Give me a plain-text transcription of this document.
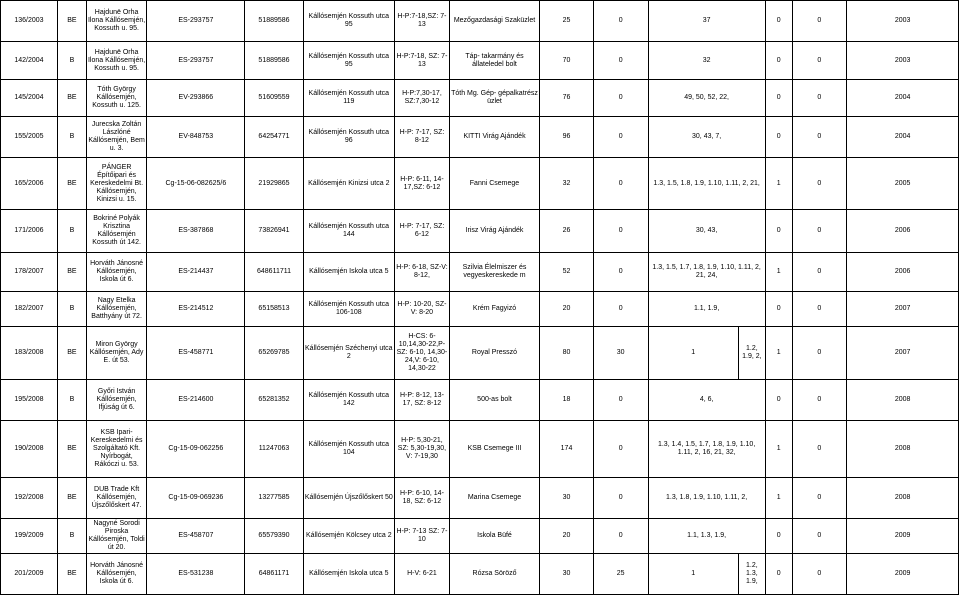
136/2003	BE	Hajdunë Orha Ilona Kállósemjén, Kossuth u. 95.	ES-293757	51889586	Kállósemjén Kossuth utca 95	H-P:7-18,SZ: 7-13	Mezőgazdasági Szaküzlet	25	0	37		0	0	2003
142/2004	B	Hajdunë Orha Ilona Kállósemjén, Kossuth u. 95.	ES-293757	51889586	Kállósemjén Kossuth utca 95	H-P:7-18, SZ: 7-13	Táp- takarmány és állateledel bolt	70	0	32		0	0	2003
145/2004	BE	Tóth György Kállósemjén, Kossuth u. 125.	EV-293866	51609559	Kállósemjén Kossuth utca 119	H-P:7,30-17, SZ:7,30-12	Tóth Mg. Gép- gépalkatrész üzlet	76	0	49, 50, 52, 22,		0	0	2004
155/2005	B	Jurecska Zoltán Lászlóné Kállósemjén, Bem u. 3.	EV-848753	64254771	Kállósemjén Kossuth utca 96	H-P: 7-17, SZ: 8-12	KITTI Virág Ajándék	96	0	30, 43, 7,		0	0	2004
165/2006	BE	PÁNGER Építőipari és Kereskedelmi Bt. Kállósemjén, Kinizsi u. 15.	Cg-15-06-082625/6	21929865	Kállósemjén Kinizsi utca 2	H-P: 6-11, 14-17,SZ: 6-12	Fanni Csemege	32	0	1.3, 1.5, 1.8, 1.9, 1.10, 1.11, 2, 21,		1	0	2005
171/2006	B	Bokriné Polyák Krisztina Kállósemjén Kossuth út 142.	ES-387868	73826941	Kállósemjén Kossuth utca 144	H-P: 7-17, SZ: 6-12	Irisz Virág Ajándék	26	0	30, 43,		0	0	2006
178/2007	BE	Horváth Jánosné Kállósemjén, Iskola út 6.	ES-214437	648611711	Kállósemjén Iskola utca 5	H-P: 6-18, SZ-V: 8-12,	Szilvia Élelmiszer és vegyeskereskede m	52	0	1.3, 1.5, 1.7, 1.8, 1.9, 1.10, 1.11, 2, 21, 24,		1	0	2006
182/2007	B	Nagy Etelka Kállósemjén, Batthyány út 72.	ES-214512	65158513	Kállósemjén Kossuth utca 106-108	H-P: 10-20, SZ-V: 8-20	Krém Fagyizó	20	0	1.1, 1.9,		0	0	2007
183/2008	BE	Miron György Kállósemjén, Ady E. út 53.	ES-458771	65269785	Kállósemjén Széchenyi utca 2	H-CS: 6-10,14,30-22,P-SZ: 6-10, 14,30-24,V: 6-10, 14,30-22	Royal Presszó	80	30	1	1.2, 1.9, 2,	1	0	2007
195/2008	B	Győri István Kállósemjén, Ifjúság út 6.	ES-214600	65281352	Kállósemjén Kossuth utca 142	H-P: 8-12, 13-17, SZ: 8-12	500-as bolt	18	0	4, 6,		0	0	2008
190/2008	BE	KSB Ipari-Kereskedelmi és Szolgáltató Kft. Nyírbogát, Rákóczi u. 53.	Cg-15-09-062256	11247063	Kállósemjén Kossuth utca 104	H-P: 5,30-21, SZ: 5,30-19,30, V: 7-19,30	KSB Csemege III	174	0	1.3, 1.4, 1.5, 1.7, 1.8, 1.9, 1.10, 1.11, 2, 16, 21, 32,		1	0	2008
192/2008	BE	DUB Trade Kft Kállósemjén, Újszőlőskert 47.	Cg-15-09-069236	13277585	Kállósemjén Újszőlőskert 50	H-P: 6-10, 14-18, SZ: 6-12	Marina Csemege	30	0	1.3, 1.8, 1.9, 1.10, 1.11, 2,		1	0	2008
199/2009	B	Nagyné Sorodi Piroska Kállósemjén, Toldi út 20.	ES-458707	65579390	Kállósemjén Kölcsey utca 2	H-P: 7-13 SZ: 7-10	Iskola Büfé	20	0	1.1, 1.3, 1.9,		0	0	2009
201/2009	BE	Horváth Jánosné Kállósemjén, Iskola út 6.	ES-531238	64861171	Kállósemjén Iskola utca 5	H-V: 6-21	Rózsa Söröző	30	25	1	1.2, 1.3, 1.9,	0	0	2009
